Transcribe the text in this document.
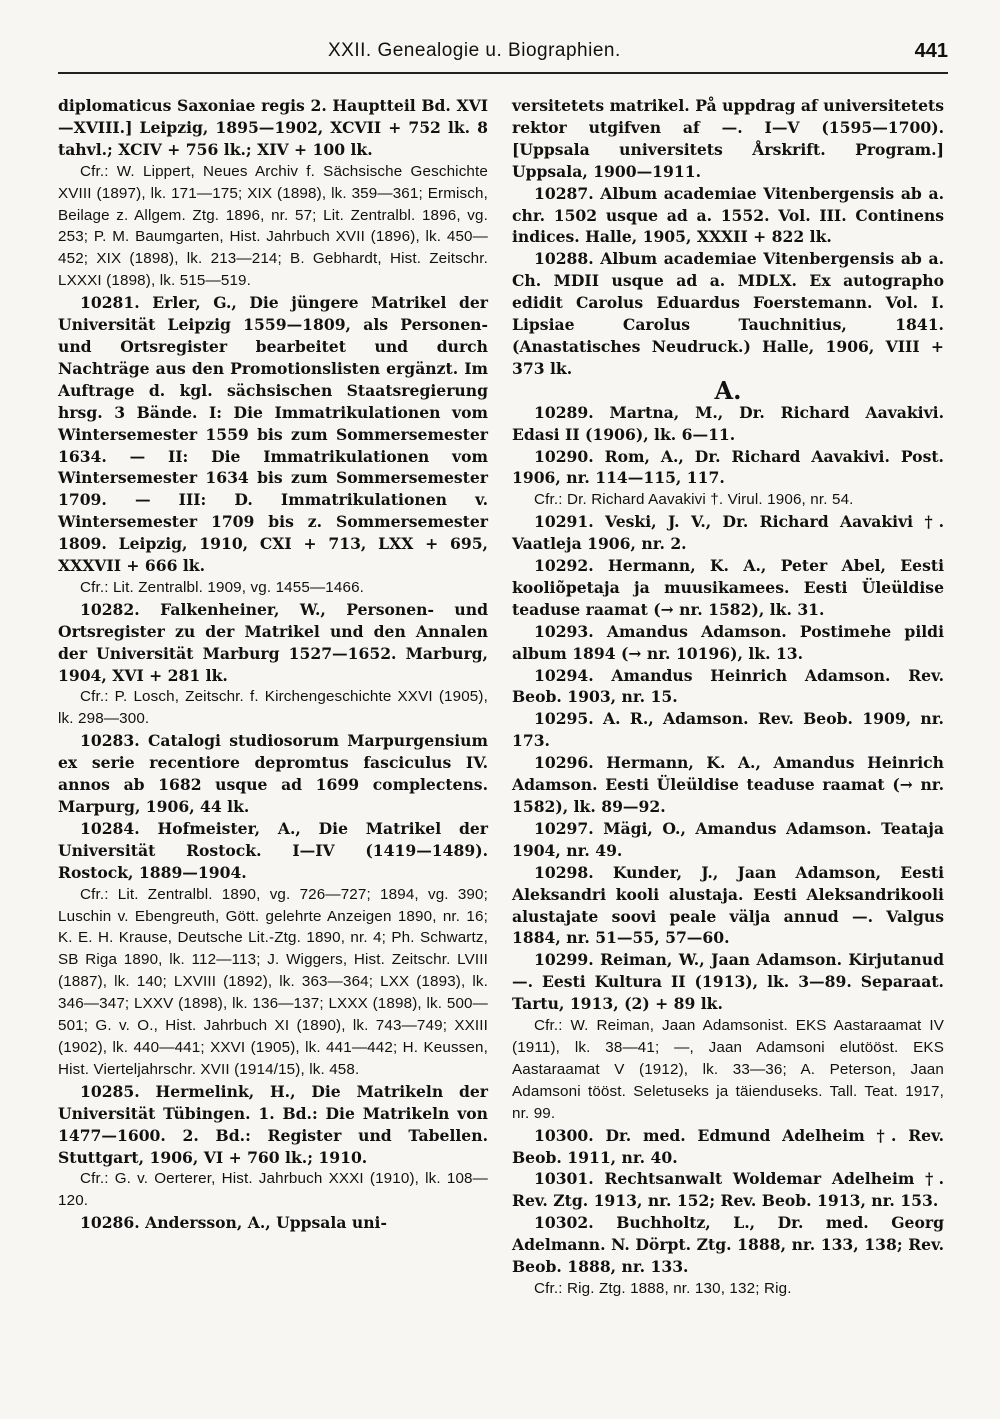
XXII. Genealogie u. Biographien.	441

diplomaticus Saxoniae regis 2. Hauptteil Bd. XVI—XVIII.] Leipzig, 1895—1902, XCVII + 752 lk. 8 tahvl.; XCIV + 756 lk.; XIV + 100 lk.

Cfr.: W. Lippert, Neues Archiv f. Sächsische Geschichte XVIII (1897), lk. 171—175; XIX (1898), lk. 359—361; Ermisch, Beilage z. Allgem. Ztg. 1896, nr. 57; Lit. Zentralbl. 1896, vg. 253; P. M. Baumgarten, Hist. Jahrbuch XVII (1896), lk. 450—452; XIX (1898), lk. 213—214; B. Gebhardt, Hist. Zeitschr. LXXXI (1898), lk. 515—519.

10281. Erler, G., Die jüngere Matrikel der Universität Leipzig 1559—1809, als Personen- und Ortsregister bearbeitet und durch Nachträge aus den Promotionslisten ergänzt. Im Auftrage d. kgl. sächsischen Staatsregierung hrsg. 3 Bände. I: Die Immatrikulationen vom Wintersemester 1559 bis zum Sommersemester 1634. — II: Die Immatrikulationen vom Wintersemester 1634 bis zum Sommersemester 1709. — III: D. Immatrikulationen v. Wintersemester 1709 bis z. Sommersemester 1809. Leipzig, 1910, CXI + 713, LXX + 695, XXXVII + 666 lk.

Cfr.: Lit. Zentralbl. 1909, vg. 1455—1466.

10282. Falkenheiner, W., Personen- und Ortsregister zu der Matrikel und den Annalen der Universität Marburg 1527—1652. Marburg, 1904, XVI + 281 lk.

Cfr.: P. Losch, Zeitschr. f. Kirchengeschichte XXVI (1905), lk. 298—300.

10283. Catalogi studiosorum Marpurgensium ex serie recentiore depromtus fasciculus IV. annos ab 1682 usque ad 1699 complectens. Marpurg, 1906, 44 lk.

10284. Hofmeister, A., Die Matrikel der Universität Rostock. I—IV (1419—1489). Rostock, 1889—1904.

Cfr.: Lit. Zentralbl. 1890, vg. 726—727; 1894, vg. 390; Luschin v. Ebengreuth, Gött. gelehrte Anzeigen 1890, nr. 16; K. E. H. Krause, Deutsche Lit.-Ztg. 1890, nr. 4; Ph. Schwartz, SB Riga 1890, lk. 112—113; J. Wiggers, Hist. Zeitschr. LVIII (1887), lk. 140; LXVIII (1892), lk. 363—364; LXX (1893), lk. 346—347; LXXV (1898), lk. 136—137; LXXX (1898), lk. 500—501; G. v. O., Hist. Jahrbuch XI (1890), lk. 743—749; XXIII (1902), lk. 440—441; XXVI (1905), lk. 441—442; H. Keussen, Hist. Vierteljahrschr. XVII (1914/15), lk. 458.

10285. Hermelink, H., Die Matrikeln der Universität Tübingen. 1. Bd.: Die Matrikeln von 1477—1600. 2. Bd.: Register und Tabellen. Stuttgart, 1906, VI + 760 lk.; 1910.

Cfr.: G. v. Oerterer, Hist. Jahrbuch XXXI (1910), lk. 108—120.

10286. Andersson, A., Uppsala uni-

versitetets matrikel. På uppdrag af universitetets rektor utgifven af —. I—V (1595—1700). [Uppsala universitets Årskrift. Program.] Uppsala, 1900—1911.

10287. Album academiae Vitenbergensis ab a. chr. 1502 usque ad a. 1552. Vol. III. Continens indices. Halle, 1905, XXXII + 822 lk.

10288. Album academiae Vitenbergensis ab a. Ch. MDII usque ad a. MDLX. Ex autographo edidit Carolus Eduardus Foerstemann. Vol. I. Lipsiae Carolus Tauchnitius, 1841. (Anastatisches Neudruck.) Halle, 1906, VIII + 373 lk.

A.

10289. Martna, M., Dr. Richard Aavakivi. Edasi II (1906), lk. 6—11.

10290. Rom, A., Dr. Richard Aavakivi. Post. 1906, nr. 114—115, 117.

Cfr.: Dr. Richard Aavakivi †. Virul. 1906, nr. 54.

10291. Veski, J. V., Dr. Richard Aavakivi †. Vaatleja 1906, nr. 2.

10292. Hermann, K. A., Peter Abel, Eesti kooliõpetaja ja muusikamees. Eesti Üleüldise teaduse raamat (→ nr. 1582), lk. 31.

10293. Amandus Adamson. Postimehe pildi album 1894 (→ nr. 10196), lk. 13.

10294. Amandus Heinrich Adamson. Rev. Beob. 1903, nr. 15.

10295. A. R., Adamson. Rev. Beob. 1909, nr. 173.

10296. Hermann, K. A., Amandus Heinrich Adamson. Eesti Üleüldise teaduse raamat (→ nr. 1582), lk. 89—92.

10297. Mägi, O., Amandus Adamson. Teataja 1904, nr. 49.

10298. Kunder, J., Jaan Adamson, Eesti Aleksandri kooli alustaja. Eesti Aleksandrikooli alustajate soovi peale välja annud —. Valgus 1884, nr. 51—55, 57—60.

10299. Reiman, W., Jaan Adamson. Kirjutanud —. Eesti Kultura II (1913), lk. 3—89. Separaat. Tartu, 1913, (2) + 89 lk.

Cfr.: W. Reiman, Jaan Adamsonist. EKS Aastaraamat IV (1911), lk. 38—41; —, Jaan Adamsoni elutööst. EKS Aastaraamat V (1912), lk. 33—36; A. Peterson, Jaan Adamsoni tööst. Seletuseks ja täienduseks. Tall. Teat. 1917, nr. 99.

10300. Dr. med. Edmund Adelheim †. Rev. Beob. 1911, nr. 40.

10301. Rechtsanwalt Woldemar Adelheim †. Rev. Ztg. 1913, nr. 152; Rev. Beob. 1913, nr. 153.

10302. Buchholtz, L., Dr. med. Georg Adelmann. N. Dörpt. Ztg. 1888, nr. 133, 138; Rev. Beob. 1888, nr. 133.

Cfr.: Rig. Ztg. 1888, nr. 130, 132; Rig.
